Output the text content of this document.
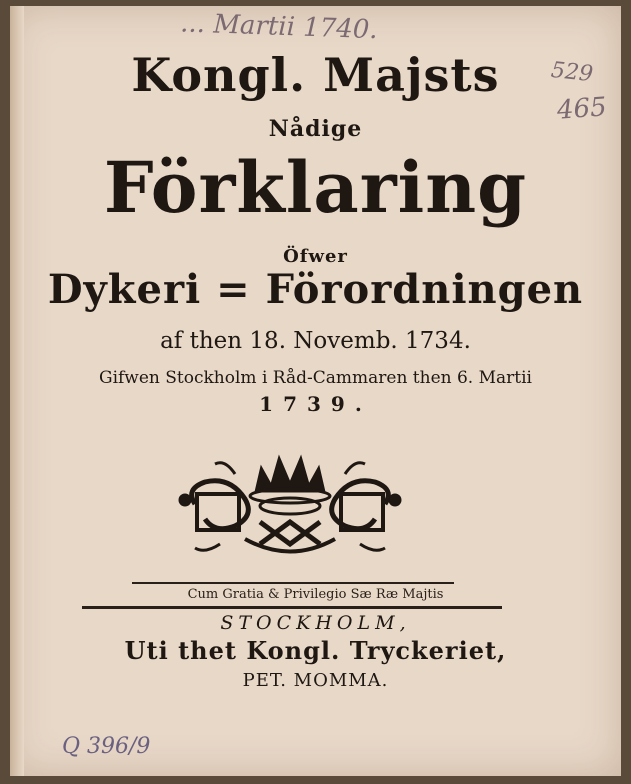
... Martii 1740.
529
465
Kongl. Majsts
Nådige
Förklaring
Öfwer
Dykeri = Förordningen
af then 18. Novemb. 1734.
Gifwen Stockholm i Råd-Cammaren then 6. Martii
1739.
Cum Gratia & Privilegio Sæ Ræ Majtis
STOCKHOLM,
Uti thet Kongl. Tryckeriet,
PET. MOMMA.
Q 396/9
